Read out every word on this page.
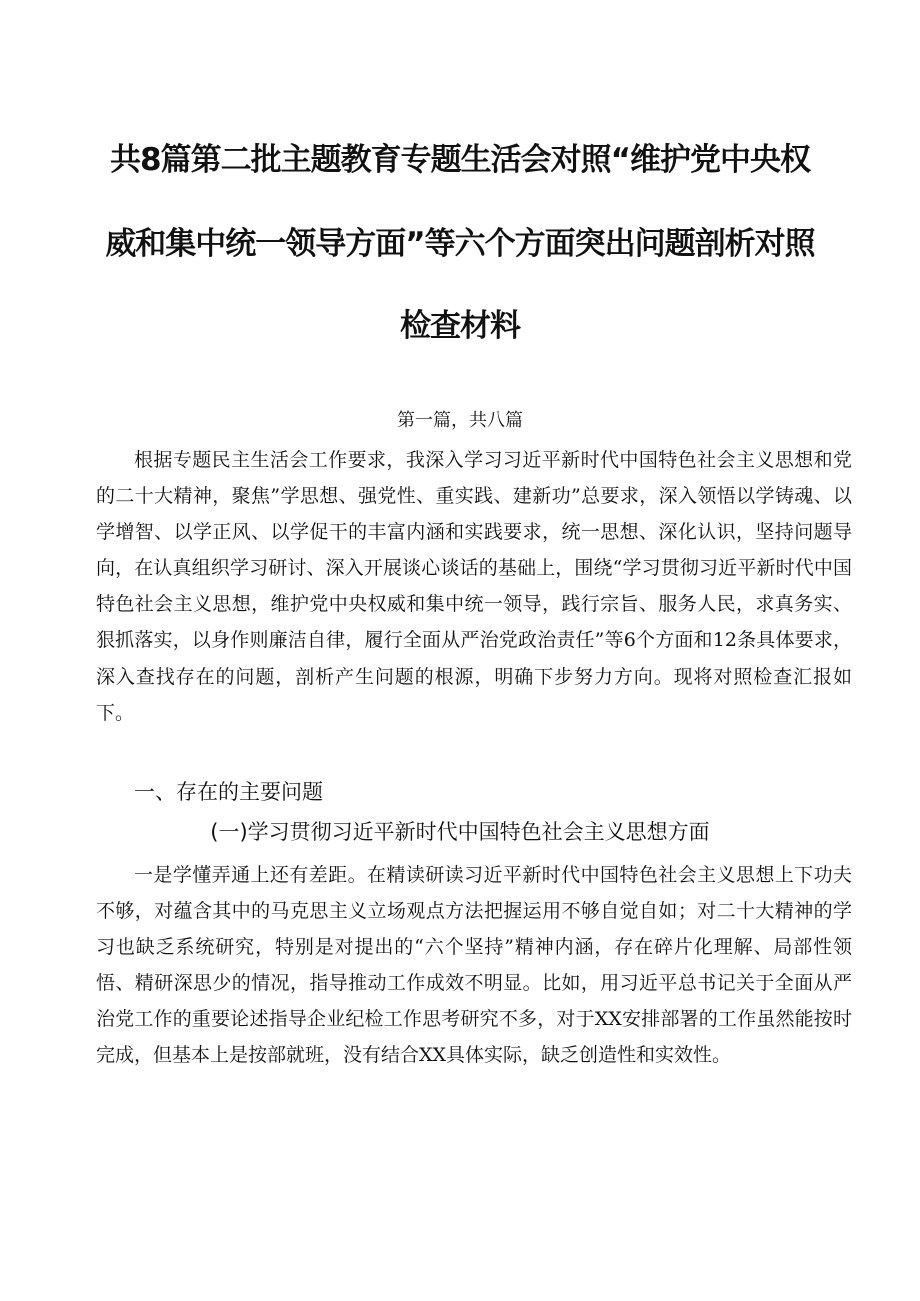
共8篇第二批主题教育专题生活会对照“维护党中央权
威和集中统一领导方面”等六个方面突出问题剖析对照
检查材料
第一篇，共八篇

根据专题民主生活会工作要求，我深入学习习近平新时代中国特色社会主义思想和党的二十大精神，聚焦”学思想、强党性、重实践、建新功”总要求，深入领悟以学铸魂、以学增智、以学正风、以学促干的丰富内涵和实践要求，统一思想、深化认识，坚持问题导向，在认真组织学习研讨、深入开展谈心谈话的基础上，围绕“学习贯彻习近平新时代中国特色社会主义思想，维护党中央权威和集中统一领导，践行宗旨、服务人民，求真务实、狠抓落实，以身作则廉洁自律，履行全面从严治党政治责任”等6个方面和12条具体要求，深入查找存在的问题，剖析产生问题的根源，明确下步努力方向。现将对照检查汇报如下。

一、存在的主要问题
(一)学习贯彻习近平新时代中国特色社会主义思想方面

一是学懂弄通上还有差距。在精读研读习近平新时代中国特色社会主义思想上下功夫不够，对蕴含其中的马克思主义立场观点方法把握运用不够自觉自如；对二十大精神的学习也缺乏系统研究，特别是对提出的“六个坚持”精神内涵，存在碎片化理解、局部性领悟、精研深思少的情况，指导推动工作成效不明显。比如，用习近平总书记关于全面从严治党工作的重要论述指导企业纪检工作思考研究不多，对于XX安排部署的工作虽然能按时完成，但基本上是按部就班，没有结合XX具体实际，缺乏创造性和实效性。
